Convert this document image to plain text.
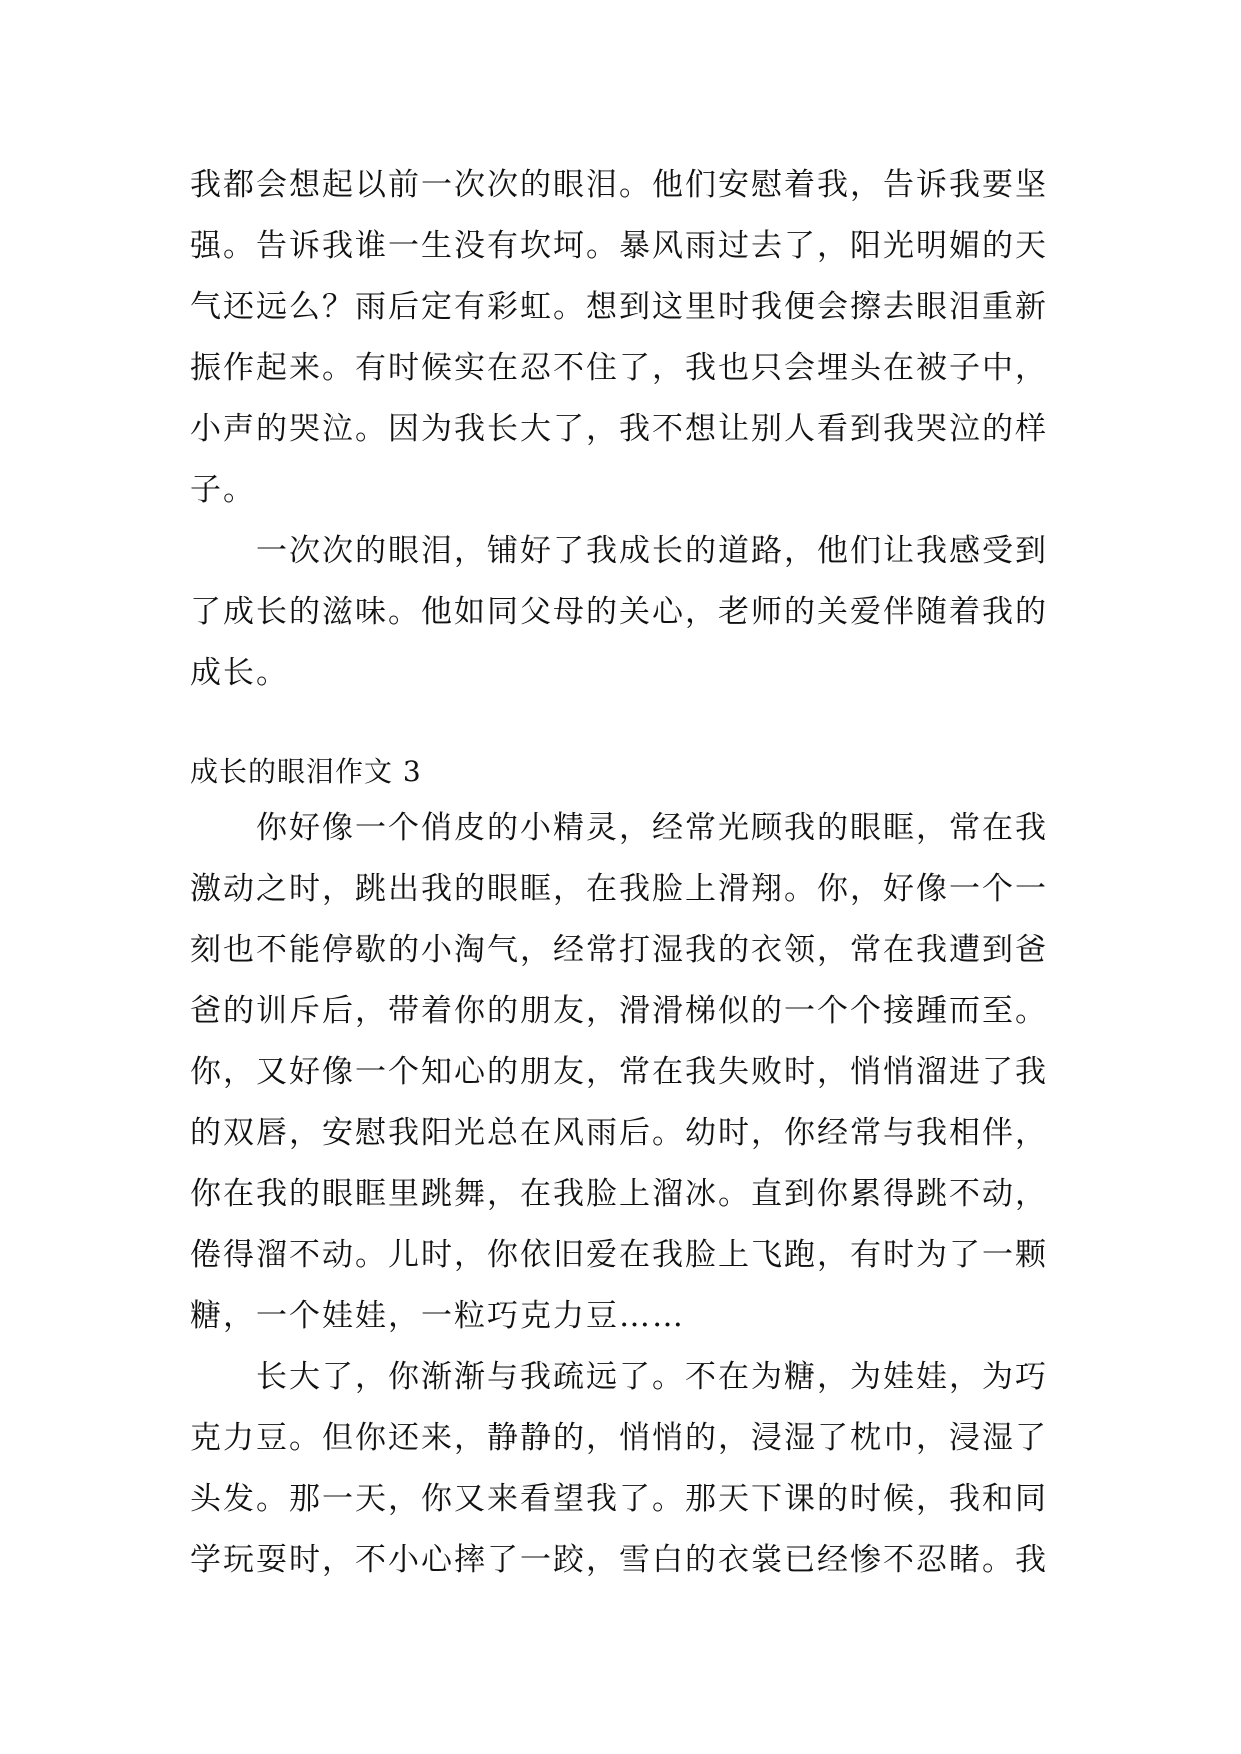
我都会想起以前一次次的眼泪。他们安慰着我，告诉我要坚
强。告诉我谁一生没有坎坷。暴风雨过去了，阳光明媚的天
气还远么？雨后定有彩虹。想到这里时我便会擦去眼泪重新
振作起来。有时候实在忍不住了，我也只会埋头在被子中，
小声的哭泣。因为我长大了，我不想让别人看到我哭泣的样
子。
　　一次次的眼泪，铺好了我成长的道路，他们让我感受到
了成长的滋味。他如同父母的关心，老师的关爱伴随着我的
成长。
成长的眼泪作文 3
　　你好像一个俏皮的小精灵，经常光顾我的眼眶，常在我
激动之时，跳出我的眼眶，在我脸上滑翔。你，好像一个一
刻也不能停歇的小淘气，经常打湿我的衣领，常在我遭到爸
爸的训斥后，带着你的朋友，滑滑梯似的一个个接踵而至。
你，又好像一个知心的朋友，常在我失败时，悄悄溜进了我
的双唇，安慰我阳光总在风雨后。幼时，你经常与我相伴，
你在我的眼眶里跳舞，在我脸上溜冰。直到你累得跳不动，
倦得溜不动。儿时，你依旧爱在我脸上飞跑，有时为了一颗
糖，一个娃娃，一粒巧克力豆……
　　长大了，你渐渐与我疏远了。不在为糖，为娃娃，为巧
克力豆。但你还来，静静的，悄悄的，浸湿了枕巾，浸湿了
头发。那一天，你又来看望我了。那天下课的时候，我和同
学玩耍时，不小心摔了一跤，雪白的衣裳已经惨不忍睹。我
